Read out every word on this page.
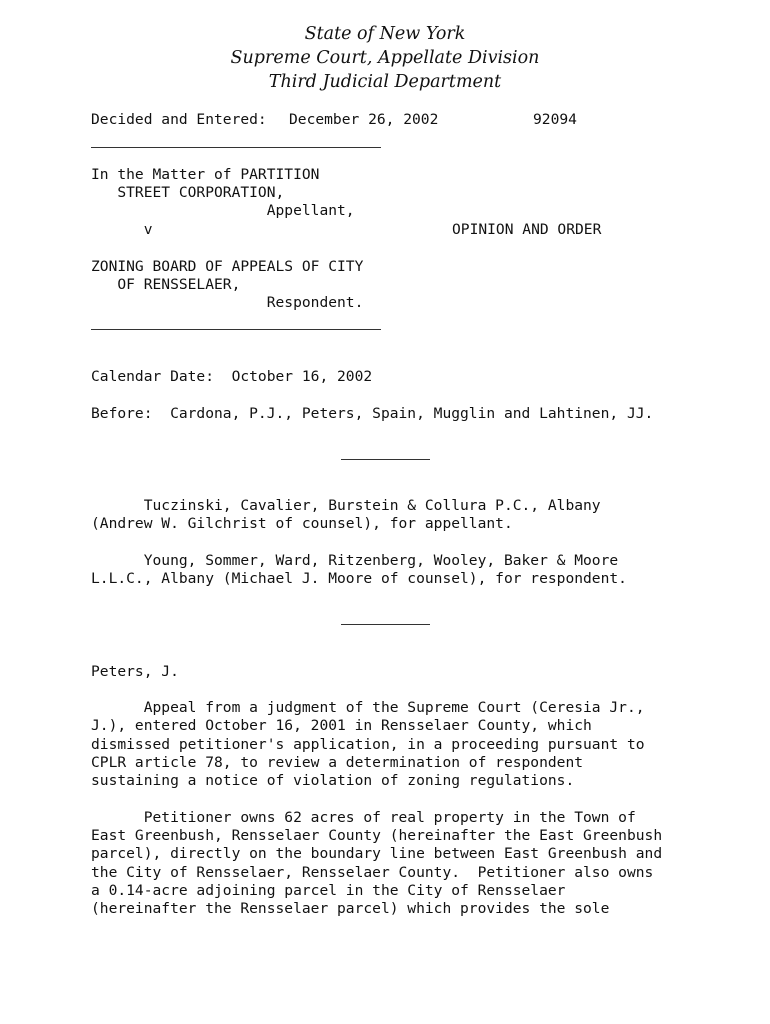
State of New York
Supreme Court, Appellate Division
Third Judicial Department
Decided and Entered: December 26, 2002	92094
In the Matter of PARTITION
STREET CORPORATION,
Appellant,
v	OPINION AND ORDER
ZONING BOARD OF APPEALS OF CITY
OF RENSSELAER,
Respondent.
Calendar Date:  October 16, 2002
Before:  Cardona, P.J., Peters, Spain, Mugglin and Lahtinen, JJ.
Tuczinski, Cavalier, Burstein & Collura P.C., Albany
(Andrew W. Gilchrist of counsel), for appellant.
Young, Sommer, Ward, Ritzenberg, Wooley, Baker & Moore
L.L.C., Albany (Michael J. Moore of counsel), for respondent.
Peters, J.
Appeal from a judgment of the Supreme Court (Ceresia Jr.,
J.), entered October 16, 2001 in Rensselaer County, which
dismissed petitioner's application, in a proceeding pursuant to
CPLR article 78, to review a determination of respondent
sustaining a notice of violation of zoning regulations.
Petitioner owns 62 acres of real property in the Town of
East Greenbush, Rensselaer County (hereinafter the East Greenbush
parcel), directly on the boundary line between East Greenbush and
the City of Rensselaer, Rensselaer County.  Petitioner also owns
a 0.14-acre adjoining parcel in the City of Rensselaer
(hereinafter the Rensselaer parcel) which provides the sole
